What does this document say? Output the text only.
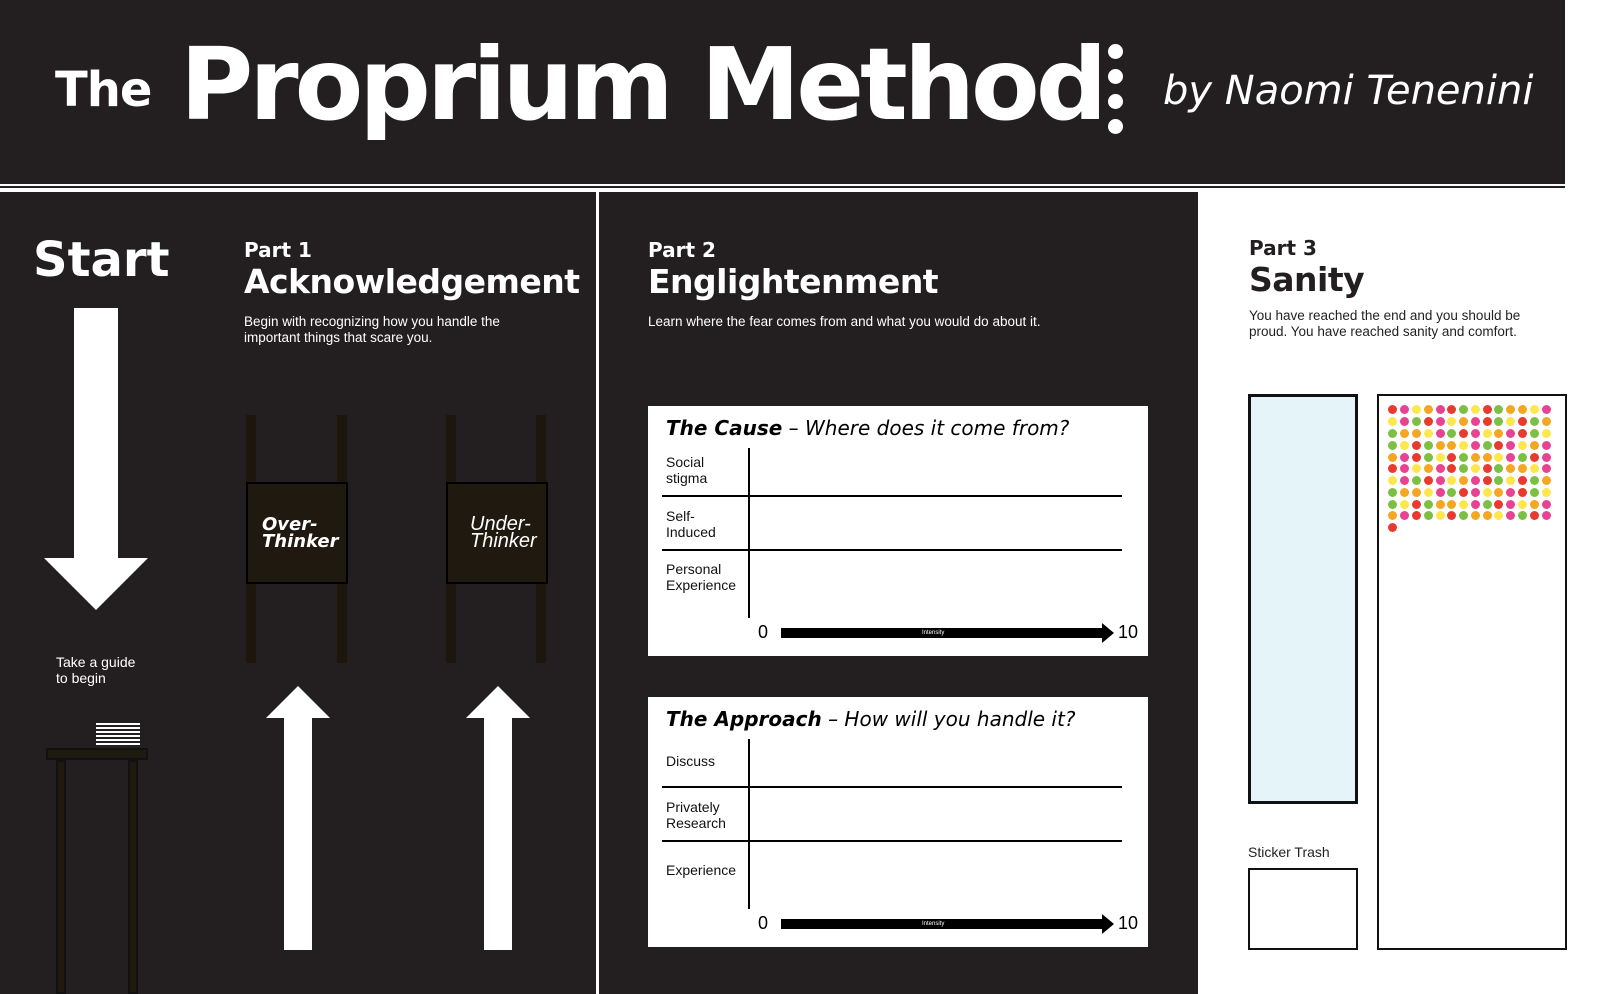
The Proprium Method by Naomi Tenenini
Start
Take a guide
to begin
Part 1
Acknowledgement
Begin with recognizing how you handle the important things that scare you.
Over-
Thinker
Under-
Thinker
Part 2
Englightenment
Learn where the fear comes from and what you would do about it.
The Cause – Where does it come from?
Social
stigma
Self-
Induced
Personal
Experience
0	Intensity	10
The Approach – How will you handle it?
Discuss
Privately
Research
Experience
0	Intensity	10
Part 3
Sanity
You have reached the end and you should be proud. You have reached sanity and comfort.
Sticker Trash
